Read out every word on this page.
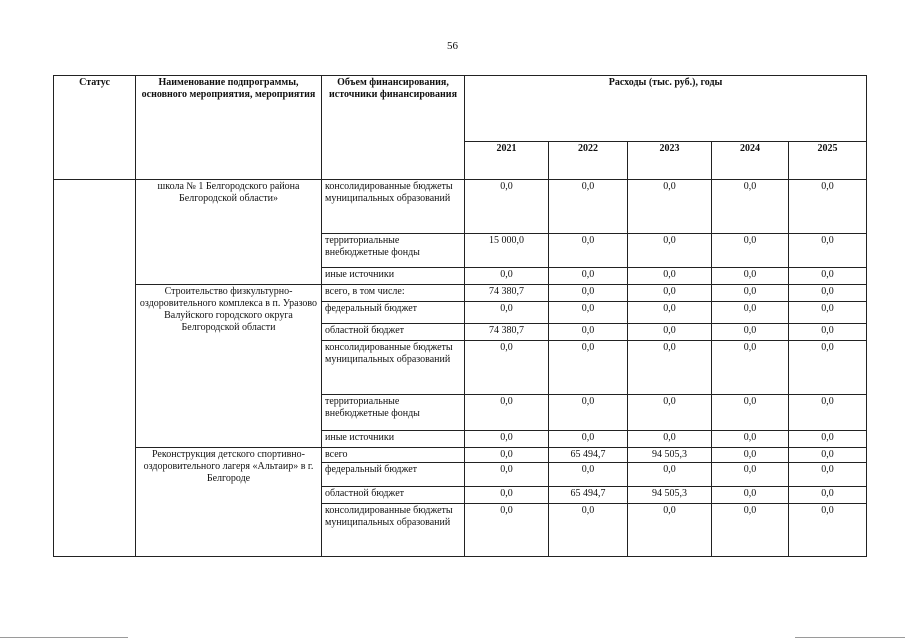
56
Статус	Наименование подпрограммы, основного мероприятия, мероприятия	Объем финансирования, источники финансирования	Расходы (тыс. руб.), годы				
			2021	2022	2023	2024	2025
	школа № 1 Белгородского района Белгородской области»	консолидированные бюджеты муниципальных образований	0,0	0,0	0,0	0,0	0,0
		территориальные внебюджетные фонды	15 000,0	0,0	0,0	0,0	0,0
		иные источники	0,0	0,0	0,0	0,0	0,0
	Строительство физкультурно-оздоровительного комплекса в п. Уразово Валуйского городского округа Белгородской области	всего, в том числе:	74 380,7	0,0	0,0	0,0	0,0
		федеральный бюджет	0,0	0,0	0,0	0,0	0,0
		областной бюджет	74 380,7	0,0	0,0	0,0	0,0
		консолидированные бюджеты муниципальных образований	0,0	0,0	0,0	0,0	0,0
		территориальные внебюджетные фонды	0,0	0,0	0,0	0,0	0,0
		иные источники	0,0	0,0	0,0	0,0	0,0
	Реконструкция детского спортивно-оздоровительного лагеря «Альтаир» в г. Белгороде	всего	0,0	65 494,7	94 505,3	0,0	0,0
		федеральный бюджет	0,0	0,0	0,0	0,0	0,0
		областной бюджет	0,0	65 494,7	94 505,3	0,0	0,0
		консолидированные бюджеты муниципальных образований	0,0	0,0	0,0	0,0	0,0
